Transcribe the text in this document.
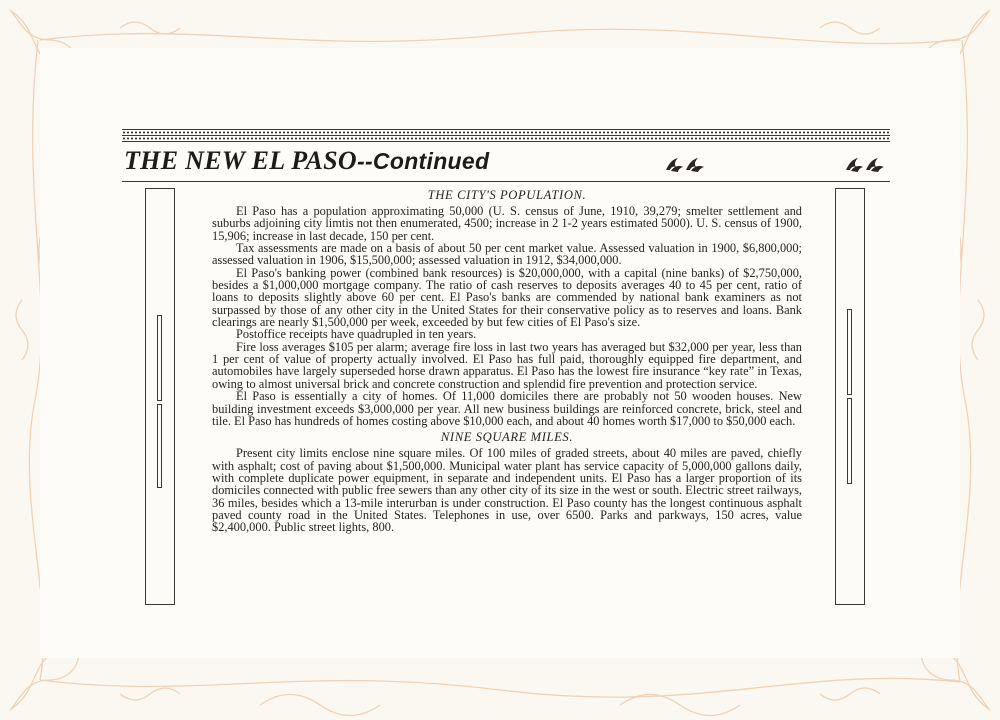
THE NEW EL PASO--Continued

THE CITY'S POPULATION.

El Paso has a population approximating 50,000 (U. S. census of June, 1910, 39,279; smelter settlement and suburbs adjoining city limtis not then enumerated, 4500; increase in 2 1-2 years estimated 5000). U. S. census of 1900, 15,906; increase in last decade, 150 per cent.

Tax assessments are made on a basis of about 50 per cent market value. Assessed valuation in 1900, $6,800,000; assessed valuation in 1906, $15,500,000; assessed valuation in 1912, $34,000,000.

El Paso's banking power (combined bank resources) is $20,000,000, with a capital (nine banks) of $2,750,000, besides a $1,000,000 mortgage company. The ratio of cash reserves to deposits averages 40 to 45 per cent, ratio of loans to deposits slightly above 60 per cent. El Paso's banks are commended by national bank examiners as not surpassed by those of any other city in the United States for their conservative policy as to reserves and loans. Bank clearings are nearly $1,500,000 per week, exceeded by but few cities of El Paso's size.

Postoffice receipts have quadrupled in ten years.

Fire loss averages $105 per alarm; average fire loss in last two years has averaged but $32,000 per year, less than 1 per cent of value of property actually involved. El Paso has full paid, thoroughly equipped fire department, and automobiles have largely superseded horse drawn apparatus. El Paso has the lowest fire insurance “key rate” in Texas, owing to almost universal brick and concrete construction and splendid fire prevention and protection service.

El Paso is essentially a city of homes. Of 11,000 domiciles there are probably not 50 wooden houses. New building investment exceeds $3,000,000 per year. All new business buildings are reinforced concrete, brick, steel and tile. El Paso has hundreds of homes costing above $10,000 each, and about 40 homes worth $17,000 to $50,000 each.

NINE SQUARE MILES.

Present city limits enclose nine square miles. Of 100 miles of graded streets, about 40 miles are paved, chiefly with asphalt; cost of paving about $1,500,000. Municipal water plant has service capacity of 5,000,000 gallons daily, with complete duplicate power equipment, in separate and independent units. El Paso has a larger proportion of its domiciles connected with public free sewers than any other city of its size in the west or south. Electric street railways, 36 miles, besides which a 13-mile interurban is under construction. El Paso county has the longest continuous asphalt paved county road in the United States. Telephones in use, over 6500. Parks and parkways, 150 acres, value $2,400,000. Public street lights, 800.
